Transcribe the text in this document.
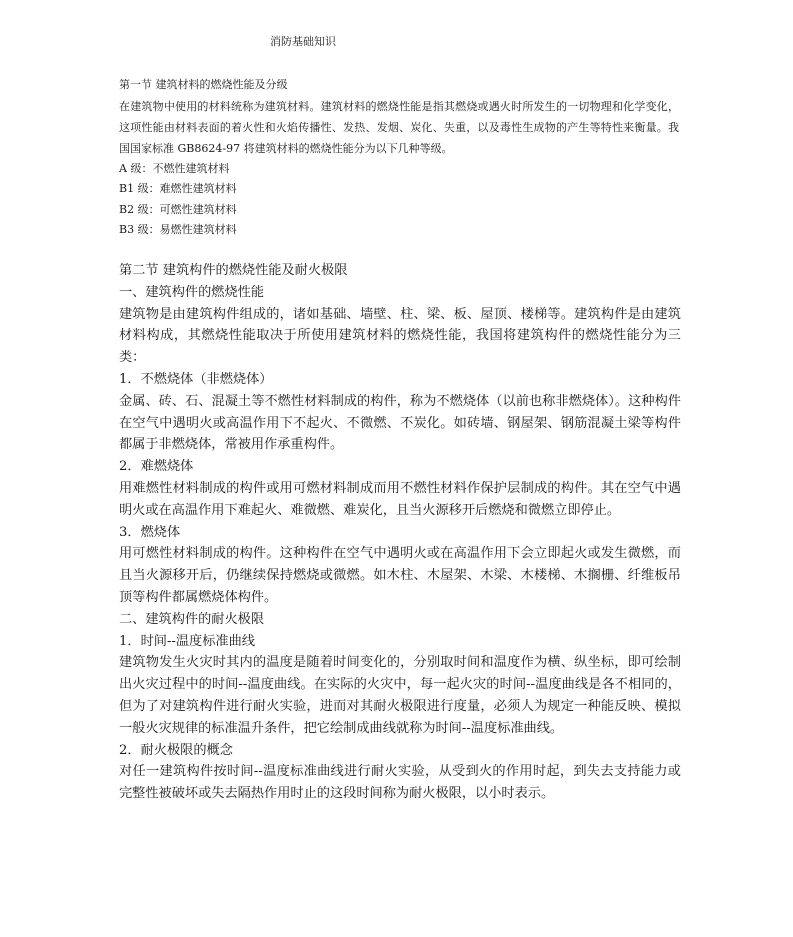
消防基础知识

第一节 建筑材料的燃烧性能及分级

在建筑物中使用的材料统称为建筑材料。建筑材料的燃烧性能是指其燃烧或遇火时所发生的一切物理和化学变化，这项性能由材料表面的着火性和火焰传播性、发热、发烟、炭化、失重，以及毒性生成物的产生等特性来衡量。我国国家标准 GB8624-97 将建筑材料的燃烧性能分为以下几种等级。

A 级：不燃性建筑材料

B1 级：难燃性建筑材料

B2 级：可燃性建筑材料

B3 级：易燃性建筑材料

第二节 建筑构件的燃烧性能及耐火极限

一、建筑构件的燃烧性能

建筑物是由建筑构件组成的，诸如基础、墙壁、柱、梁、板、屋顶、楼梯等。建筑构件是由建筑材料构成，其燃烧性能取决于所使用建筑材料的燃烧性能，我国将建筑构件的燃烧性能分为三类：

1．不燃烧体（非燃烧体）

金属、砖、石、混凝土等不燃性材料制成的构件，称为不燃烧体（以前也称非燃烧体）。这种构件在空气中遇明火或高温作用下不起火、不微燃、不炭化。如砖墙、钢屋架、钢筋混凝土梁等构件都属于非燃烧体，常被用作承重构件。

2．难燃烧体

用难燃性材料制成的构件或用可燃材料制成而用不燃性材料作保护层制成的构件。其在空气中遇明火或在高温作用下难起火、难微燃、难炭化，且当火源移开后燃烧和微燃立即停止。

3．燃烧体

用可燃性材料制成的构件。这种构件在空气中遇明火或在高温作用下会立即起火或发生微燃，而且当火源移开后，仍继续保持燃烧或微燃。如木柱、木屋架、木梁、木楼梯、木搁栅、纤维板吊顶等构件都属燃烧体构件。

二、建筑构件的耐火极限

1．时间--温度标准曲线

建筑物发生火灾时其内的温度是随着时间变化的，分别取时间和温度作为横、纵坐标，即可绘制出火灾过程中的时间--温度曲线。在实际的火灾中，每一起火灾的时间--温度曲线是各不相同的，但为了对建筑构件进行耐火实验，进而对其耐火极限进行度量，必须人为规定一种能反映、模拟一般火灾规律的标准温升条件，把它绘制成曲线就称为时间--温度标准曲线。

2．耐火极限的概念

对任一建筑构件按时间--温度标准曲线进行耐火实验，从受到火的作用时起，到失去支持能力或完整性被破坏或失去隔热作用时止的这段时间称为耐火极限，以小时表示。
